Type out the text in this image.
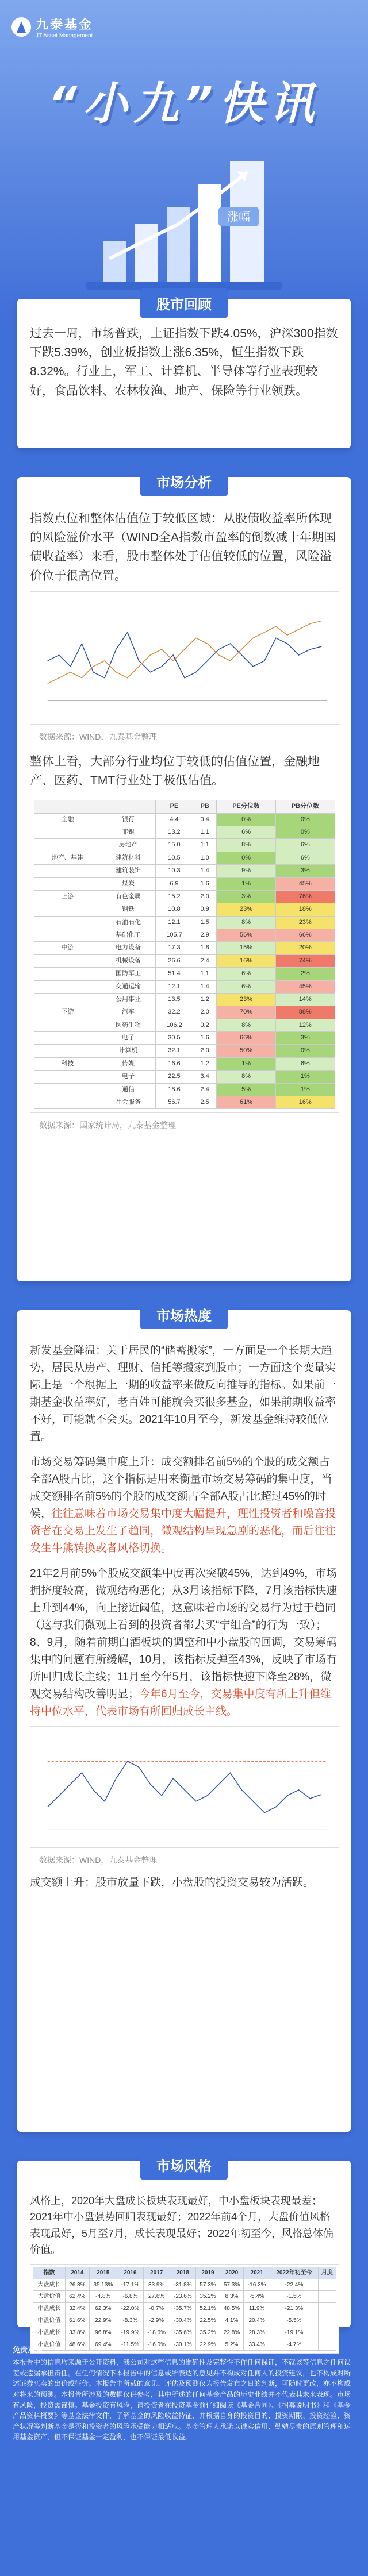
九泰基金
JT Asset Management
“小九”快讯
涨幅
过去一周，市场普跌，上证指数下跌4.05%，沪深300指数下跌5.39%，创业板指数上涨6.35%，恒生指数下跌8.32%。行业上，军工、计算机、半导体等行业表现较好，食品饮料、农林牧渔、地产、保险等行业领跌。
股市回顾

指数点位和整体估值位于较低区域：从股债收益率所体现的风险溢价水平（WIND全A指数市盈率的倒数减十年期国债收益率）来看，股市整体处于估值较低的位置，风险溢价位于很高位置。

数据来源：WIND，九泰基金整理

整体上看，大部分行业均位于较低的估值位置，金融地产、医药、TMT行业处于极低估值。

		PE	PB	PE分位数	PB分位数
金融	银行	4.4	0.4	0%	0%
	非银	13.2	1.1	6%	0%
	房地产	15.0	1.1	8%	6%
地产、基建	建筑材料	10.5	1.0	0%	6%
	建筑装饰	10.3	1.4	9%	3%
	煤炭	6.9	1.6	1%	45%
上游	有色金属	15.2	2.0	3%	76%
	钢铁	10.8	0.9	23%	18%
	石油石化	12.1	1.5	8%	23%
	基础化工	105.7	2.9	56%	66%
中游	电力设备	17.3	1.8	15%	20%
	机械设备	26.6	2.4	16%	74%
	国防军工	51.4	1.1	6%	2%
	交通运输	12.1	1.4	6%	45%
	公用事业	13.5	1.2	23%	14%
下游	汽车	32.2	2.0	70%	88%
	医药生物	106.2	0.2	8%	12%
	电子	30.5	1.6	66%	3%
	计算机	32.1	2.0	50%	0%
科技	传媒	16.6	1.2	1%	6%
	电子	22.5	3.4	8%	1%
	通信	18.6	2.4	5%	1%
	社会服务	56.7	2.5	61%	16%

数据来源：国家统计局，九泰基金整理

市场分析

新发基金降温：关于居民的“储蓄搬家”，一方面是一个长期大趋势，居民从房产、理财、信托等搬家到股市；一方面这个变量实际上是一个根据上一期的收益率来做反向推导的指标。如果前一期基金收益率好，老百姓可能就会买很多基金，如果前期收益率不好，可能就不会买。2021年10月至今，新发基金维持较低位置。

市场交易筹码集中度上升：成交额排名前5%的个股的成交额占全部A股占比，这个指标是用来衡量市场交易筹码的集中度，当成交额排名前5%的个股的成交额占全部A股占比超过45%的时候，往往意味着市场交易集中度大幅提升，理性投资者和噪音投资者在交易上发生了趋同，微观结构呈现急剧的恶化，而后往往发生牛熊转换或者风格切换。

21年2月前5%个股成交额集中度再次突破45%，达到49%，市场拥挤度较高，微观结构恶化；从3月该指标下降，7月该指标快速上升到44%，向上接近阈值，这意味着市场的交易行为过于趋同（这与我们微观上看到的投资者都去买“宁组合”的行为一致）；8、9月，随着前期白酒板块的调整和中小盘股的回调，交易筹码集中的问题有所缓解，10月，该指标反弹至43%，反映了市场有所回归成长主线；11月至今年5月，该指标快速下降至28%，微观交易结构改善明显；今年6月至今，交易集中度有所上升但维持中位水平，代表市场有所回归成长主线。

数据来源：WIND，九泰基金整理

成交额上升：股市放量下跌，小盘股的投资交易较为活跃。

市场热度

风格上，2020年大盘成长板块表现最好，中小盘板块表现最差；2021年中小盘强势回归表现最好；2022年前4个月，大盘价值风格表现最好，5月至7月，成长表现最好；2022年初至今，风格总体偏价值。

指数	2014	2015	2016	2017	2018	2019	2020	2021	2022年初至今	月度
大盘成长	26.3%	35.13%	-17.1%	33.9%	-31.8%	57.3%	57.3%	-16.2%	-22.4%	
大盘价值	62.4%	-4.8%	-6.8%	27.6%	-23.6%	35.2%	8.3%	-5.4%	-1.5%	
中盘成长	32.4%	62.3%	-22.0%	-0.7%	-35.7%	52.1%	48.5%	11.9%	-21.3%	
中盘价值	61.6%	22.9%	-8.3%	-2.9%	-30.4%	22.5%	4.1%	20.4%	-5.5%	
小盘成长	33.8%	96.8%	-19.9%	-18.6%	-35.6%	35.2%	22.8%	28.3%	-19.1%	
小盘价值	48.6%	69.4%	-11.5%	-16.0%	-30.1%	22.9%	5.2%	33.4%	-4.7%	
市场风格
免责声明

本报告中的信息均来源于公开资料，我公司对这些信息的准确性及完整性不作任何保证，不就该等信息之任何误差或遗漏承担责任。在任何情况下本报告中的信息或所表达的意见并不构成对任何人的投资建议，也不构成对所述证券买卖的出价或征价。本报告中所载的意见、评估及预测仅为报告发布之日的判断，可随时更改，亦不构成对将来的预测。本报告所涉及的数据仅供参考，其中所述的任何基金产品的历史业绩并不代表其未来表现。市场有风险，投资需谨慎。基金投资有风险，请投资者在投资基金前仔细阅读《基金合同》、《招募说明书》和《基金产品资料概要》等基金法律文件，了解基金的风险收益特征，并根据自身的投资目的、投资期限、投资经验、资产状况等判断基金是否和投资者的风险承受能力相适应。基金管理人承诺以诚实信用、勤勉尽责的原则管理和运用基金资产，但不保证基金一定盈利，也不保证最低收益。
